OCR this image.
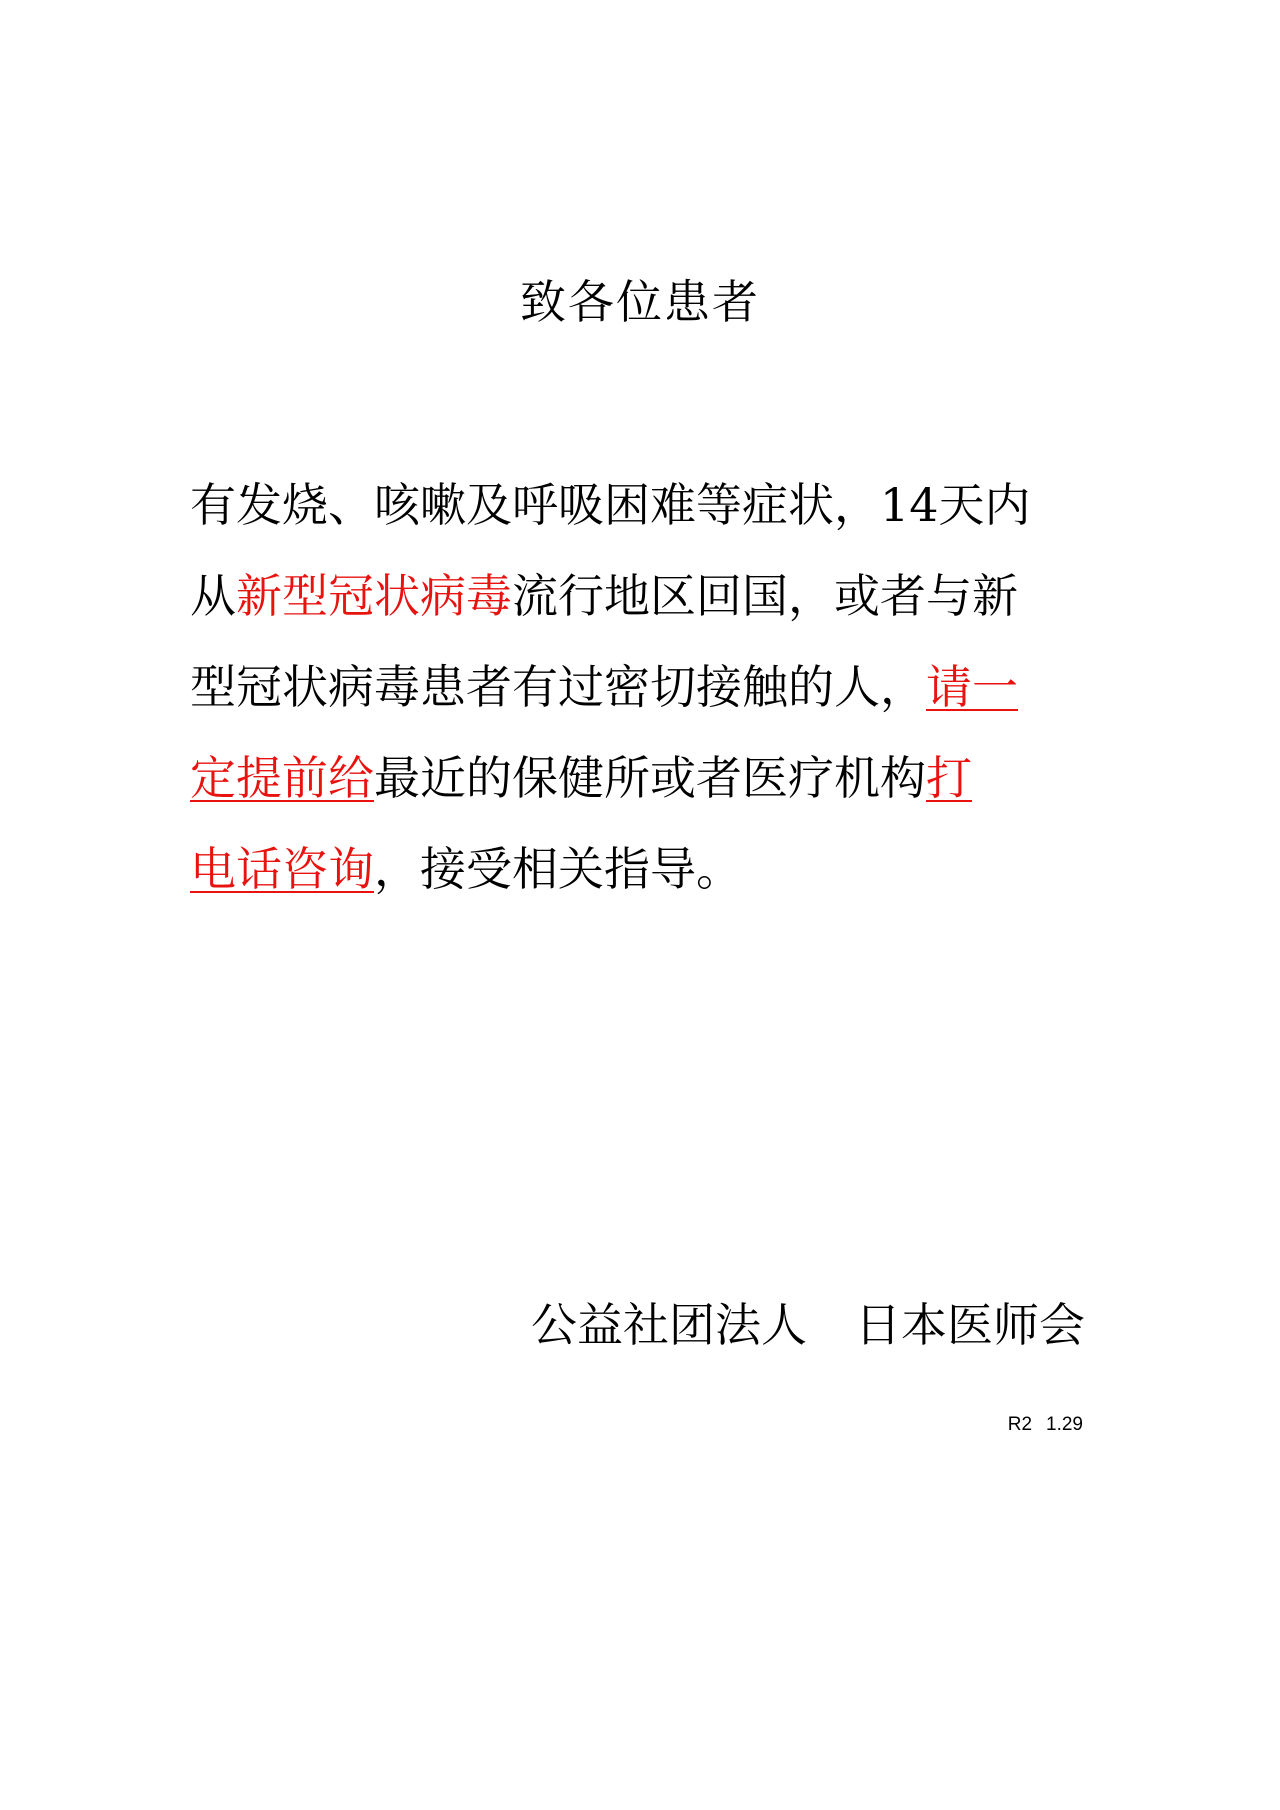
致各位患者
有发烧、咳嗽及呼吸困难等症状，14天内
从新型冠状病毒流行地区回国，或者与新
型冠状病毒患者有过密切接触的人，请一
定提前给最近的保健所或者医疗机构打
电话咨询，接受相关指导。
公益社团法人 日本医师会
R2 1.29
